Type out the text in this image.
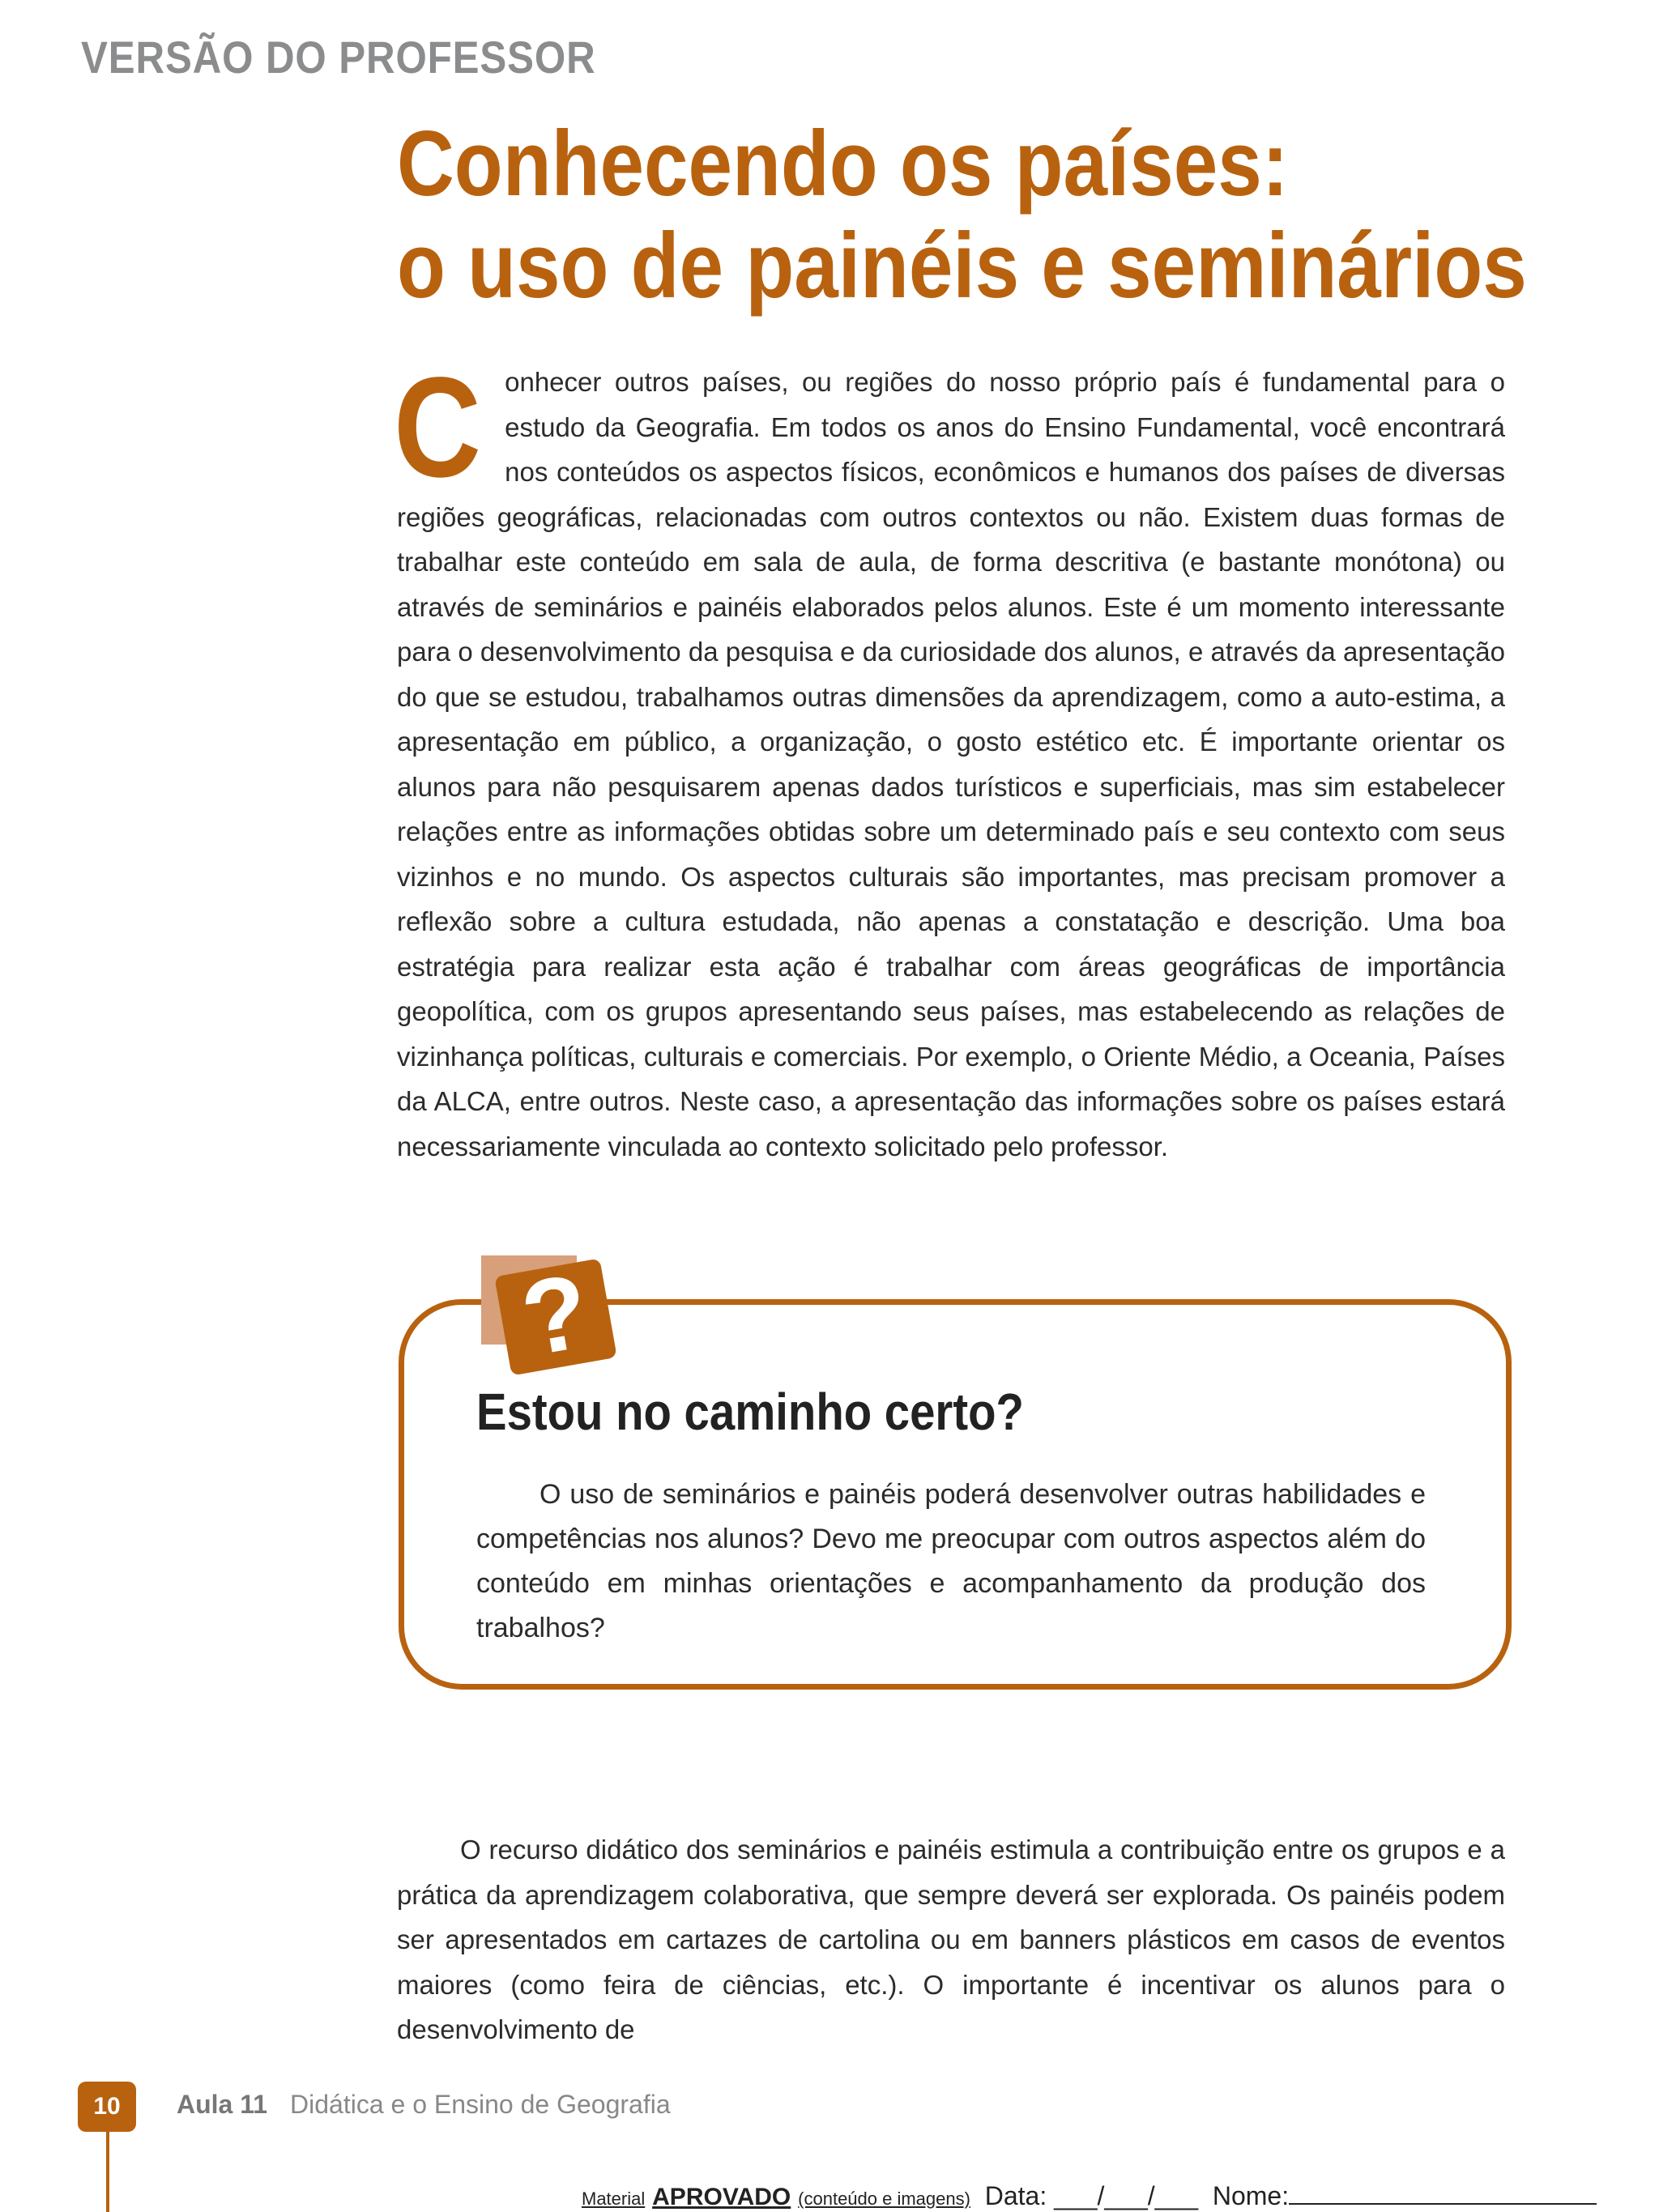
VERSÃO DO PROFESSOR
Conhecendo os países:
o uso de painéis e seminários
Conhecer outros países, ou regiões do nosso próprio país é fundamental para o estudo da Geografia. Em todos os anos do Ensino Fundamental, você encontrará nos conteúdos os aspectos físicos, econômicos e humanos dos países de diversas regiões geográficas, relacionadas com outros contextos ou não. Existem duas formas de trabalhar este conteúdo em sala de aula, de forma descritiva (e bastante monótona) ou através de seminários e painéis elaborados pelos alunos. Este é um momento interessante para o desenvolvimento da pesquisa e da curiosidade dos alunos, e através da apresentação do que se estudou, trabalhamos outras dimensões da aprendizagem, como a auto-estima, a apresentação em público, a organização, o gosto estético etc. É importante orientar os alunos para não pesquisarem apenas dados turísticos e superficiais, mas sim estabelecer relações entre as informações obtidas sobre um determinado país e seu contexto com seus vizinhos e no mundo. Os aspectos culturais são importantes, mas precisam promover a reflexão sobre a cultura estudada, não apenas a constatação e descrição. Uma boa estratégia para realizar esta ação é trabalhar com áreas geográficas de importância geopolítica, com os grupos apresentando seus países, mas estabelecendo as relações de vizinhança políticas, culturais e comerciais. Por exemplo, o Oriente Médio, a Oceania, Países da ALCA, entre outros. Neste caso, a apresentação das informações sobre os países estará necessariamente vinculada ao contexto solicitado pelo professor.
?
Estou no caminho certo?
O uso de seminários e painéis poderá desenvolver outras habilidades e competências nos alunos? Devo me preocupar com outros aspectos além do conteúdo em minhas orientações e acompanhamento da produção dos trabalhos?
O recurso didático dos seminários e painéis estimula a contribuição entre os grupos e a prática da aprendizagem colaborativa, que sempre deverá ser explorada. Os painéis podem ser apresentados em cartazes de cartolina ou em banners plásticos em casos de eventos maiores (como feira de ciências, etc.). O importante é incentivar os alunos para o desenvolvimento de
10	Aula 11 Didática e o Ensino de Geografia
Material APROVADO (conteúdo e imagens) Data: ___/___/___ Nome:
